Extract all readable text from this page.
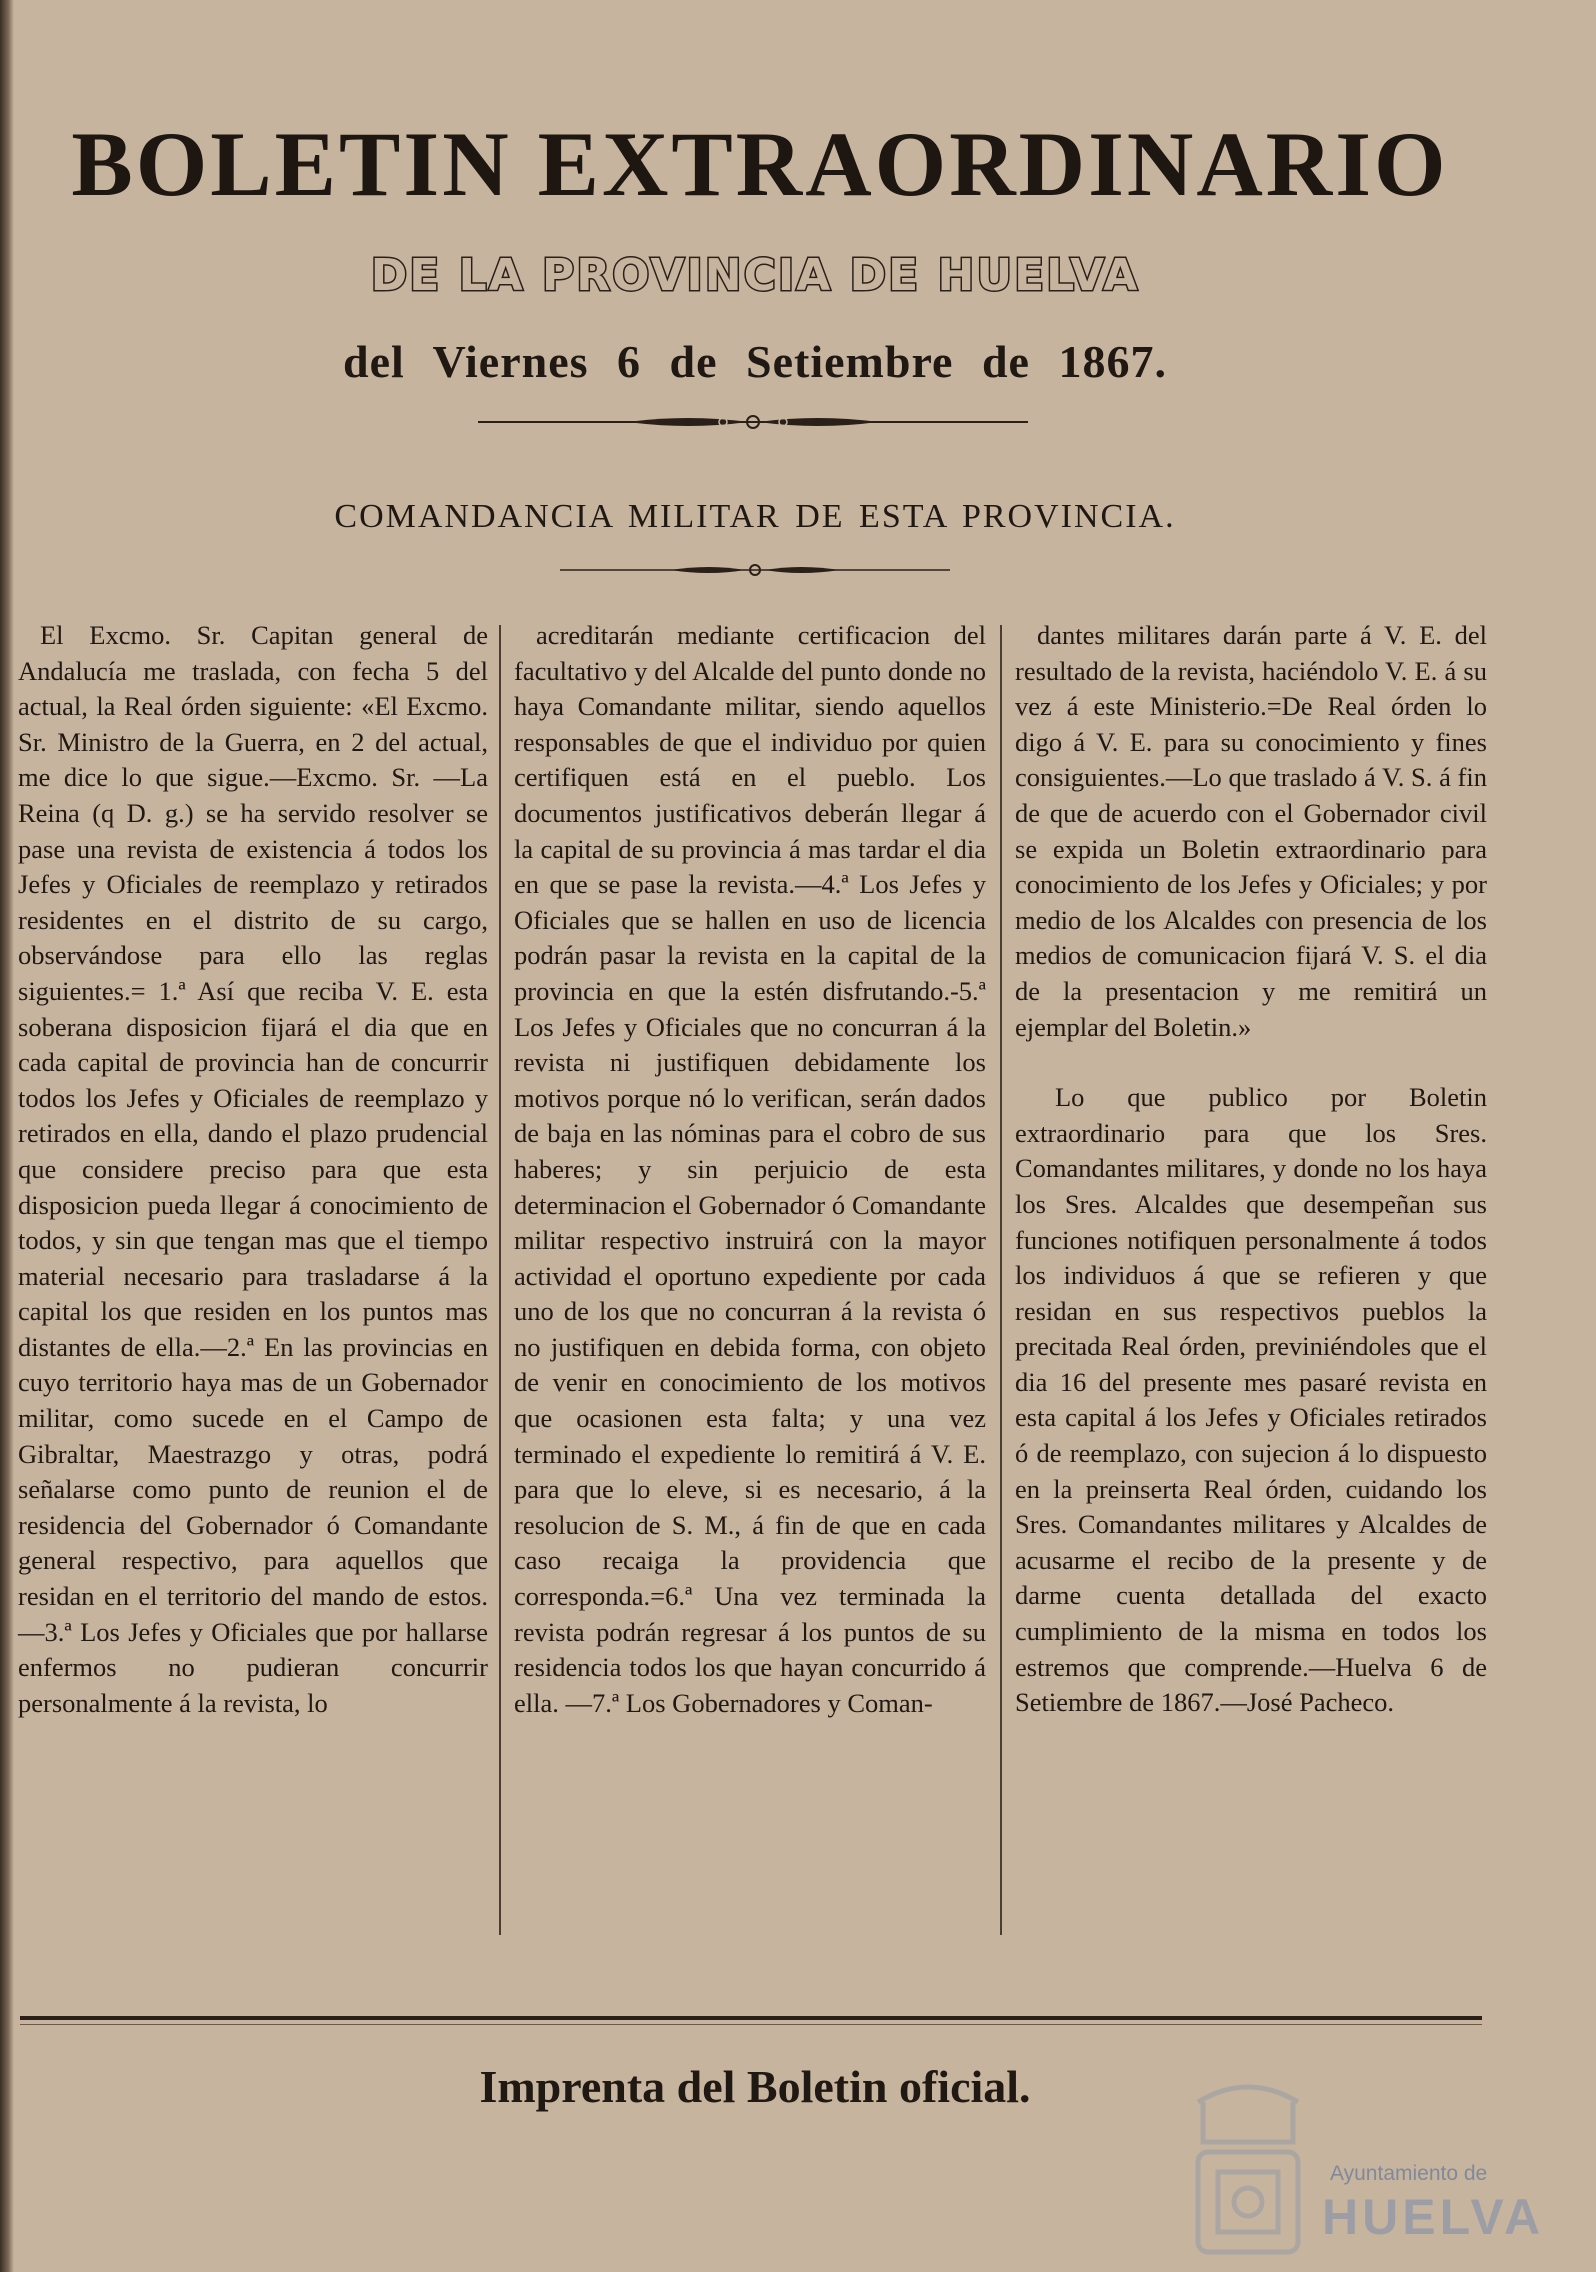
BOLETIN EXTRAORDINARIO
DE LA PROVINCIA DE HUELVA
del Viernes 6 de Setiembre de 1867.
COMANDANCIA MILITAR DE ESTA PROVINCIA.

El Excmo. Sr. Capitan general de Andalucía me traslada, con fecha 5 del actual, la Real órden siguiente: «El Excmo. Sr. Ministro de la Guerra, en 2 del actual, me dice lo que sigue.—Excmo. Sr. —La Reina (q D. g.) se ha servido resolver se pase una revista de existencia á todos los Jefes y Oficiales de reemplazo y retirados residentes en el distrito de su cargo, observándose para ello las reglas siguientes.= 1.ª Así que reciba V. E. esta soberana disposicion fijará el dia que en cada capital de provincia han de concurrir todos los Jefes y Oficiales de reemplazo y retirados en ella, dando el plazo prudencial que considere preciso para que esta disposicion pueda llegar á conocimiento de todos, y sin que tengan mas que el tiempo material necesario para trasladarse á la capital los que residen en los puntos mas distantes de ella.—2.ª En las provincias en cuyo territorio haya mas de un Gobernador militar, como sucede en el Campo de Gibraltar, Maestrazgo y otras, podrá señalarse como punto de reunion el de residencia del Gobernador ó Comandante general respectivo, para aquellos que residan en el territorio del mando de estos. —3.ª Los Jefes y Oficiales que por hallarse enfermos no pudieran concurrir personalmente á la revista, lo

acreditarán mediante certificacion del facultativo y del Alcalde del punto donde no haya Comandante militar, siendo aquellos responsables de que el individuo por quien certifiquen está en el pueblo. Los documentos justificativos deberán llegar á la capital de su provincia á mas tardar el dia en que se pase la revista.—4.ª Los Jefes y Oficiales que se hallen en uso de licencia podrán pasar la revista en la capital de la provincia en que la estén disfrutando.-5.ª Los Jefes y Oficiales que no concurran á la revista ni justifiquen debidamente los motivos porque nó lo verifican, serán dados de baja en las nóminas para el cobro de sus haberes; y sin perjuicio de esta determinacion el Gobernador ó Comandante militar respectivo instruirá con la mayor actividad el oportuno expediente por cada uno de los que no concurran á la revista ó no justifiquen en debida forma, con objeto de venir en conocimiento de los motivos que ocasionen esta falta; y una vez terminado el expediente lo remitirá á V. E. para que lo eleve, si es necesario, á la resolucion de S. M., á fin de que en cada caso recaiga la providencia que corresponda.=6.ª Una vez terminada la revista podrán regresar á los puntos de su residencia todos los que hayan concurrido á ella. —7.ª Los Gobernadores y Coman-

dantes militares darán parte á V. E. del resultado de la revista, haciéndolo V. E. á su vez á este Ministerio.=De Real órden lo digo á V. E. para su conocimiento y fines consiguientes.—Lo que traslado á V. S. á fin de que de acuerdo con el Gobernador civil se expida un Boletin extraordinario para conocimiento de los Jefes y Oficiales; y por medio de los Alcaldes con presencia de los medios de comunicacion fijará V. S. el dia de la presentacion y me remitirá un ejemplar del Boletin.»

Lo que publico por Boletin extraordinario para que los Sres. Comandantes militares, y donde no los haya los Sres. Alcaldes que desempeñan sus funciones notifiquen personalmente á todos los individuos á que se refieren y que residan en sus respectivos pueblos la precitada Real órden, previniéndoles que el dia 16 del presente mes pasaré revista en esta capital á los Jefes y Oficiales retirados ó de reemplazo, con sujecion á lo dispuesto en la preinserta Real órden, cuidando los Sres. Comandantes militares y Alcaldes de acusarme el recibo de la presente y de darme cuenta detallada del exacto cumplimiento de la misma en todos los estremos que comprende.—Huelva 6 de Setiembre de 1867.—José Pacheco.

Imprenta del Boletin oficial.
Ayuntamiento de
HUELVA
